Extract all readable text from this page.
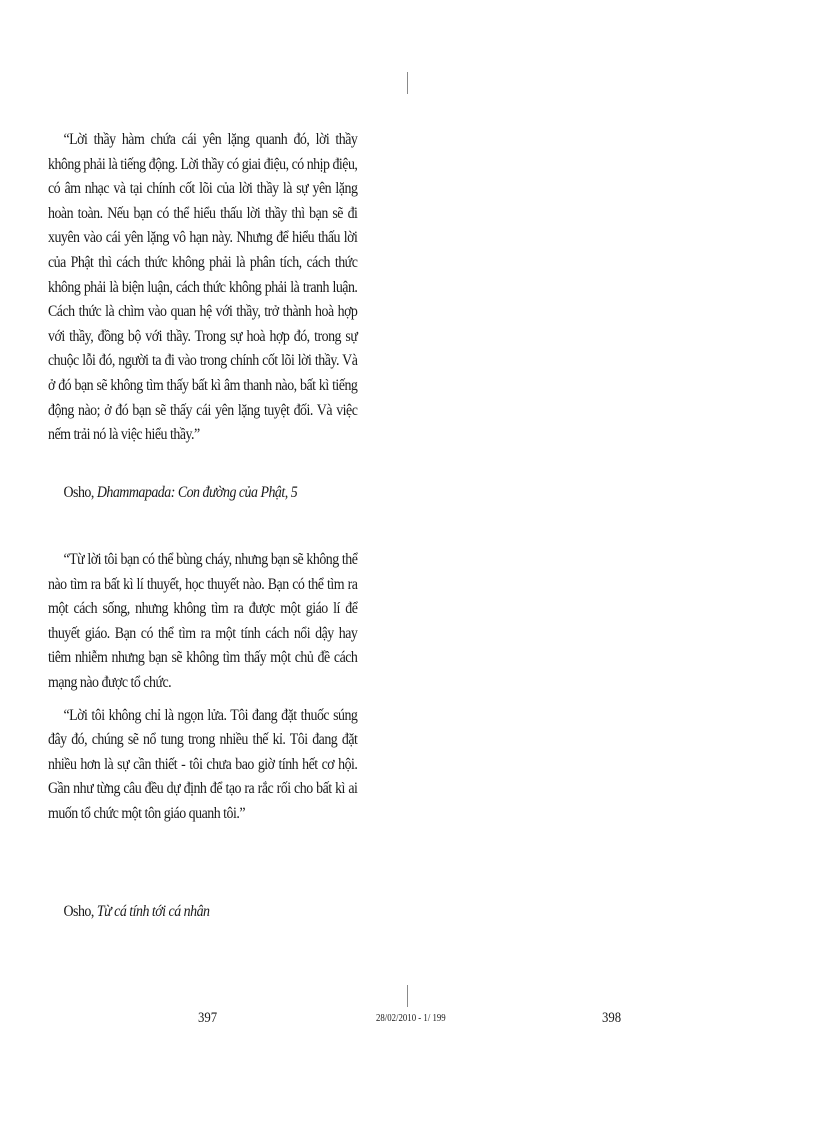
“Lời thầy hàm chứa cái yên lặng quanh đó, lời thầy không phải là tiếng động. Lời thầy có giai điệu, có nhịp điệu, có âm nhạc và tại chính cốt lõi của lời thầy là sự yên lặng hoàn toàn. Nếu bạn có thể hiểu thấu lời thầy thì bạn sẽ đi xuyên vào cái yên lặng vô hạn này. Nhưng để hiểu thấu lời của Phật thì cách thức không phải là phân tích, cách thức không phải là biện luận, cách thức không phải là tranh luận. Cách thức là chìm vào quan hệ với thầy, trở thành hoà hợp với thầy, đồng bộ với thầy. Trong sự hoà hợp đó, trong sự chuộc lỗi đó, người ta đi vào trong chính cốt lõi lời thầy. Và ở đó bạn sẽ không tìm thấy bất kì âm thanh nào, bất kì tiếng động nào; ở đó bạn sẽ thấy cái yên lặng tuyệt đối. Và việc nếm trải nó là việc hiểu thầy.”

Osho, Dhammapada: Con đường của Phật, 5

“Từ lời tôi bạn có thể bùng cháy, nhưng bạn sẽ không thể nào tìm ra bất kì lí thuyết, học thuyết nào. Bạn có thể tìm ra một cách sống, nhưng không tìm ra được một giáo lí để thuyết giáo. Bạn có thể tìm ra một tính cách nổi dậy hay tiêm nhiễm nhưng bạn sẽ không tìm thấy một chủ đề cách mạng nào được tổ chức.

“Lời tôi không chỉ là ngọn lửa. Tôi đang đặt thuốc súng đây đó, chúng sẽ nổ tung trong nhiều thế kỉ. Tôi đang đặt nhiều hơn là sự cần thiết - tôi chưa bao giờ tính hết cơ hội. Gần như từng câu đều dự định để tạo ra rắc rối cho bất kì ai muốn tổ chức một tôn giáo quanh tôi.”

Osho, Từ cá tính tới cá nhân

397	28/02/2010 - 1/ 199	398
